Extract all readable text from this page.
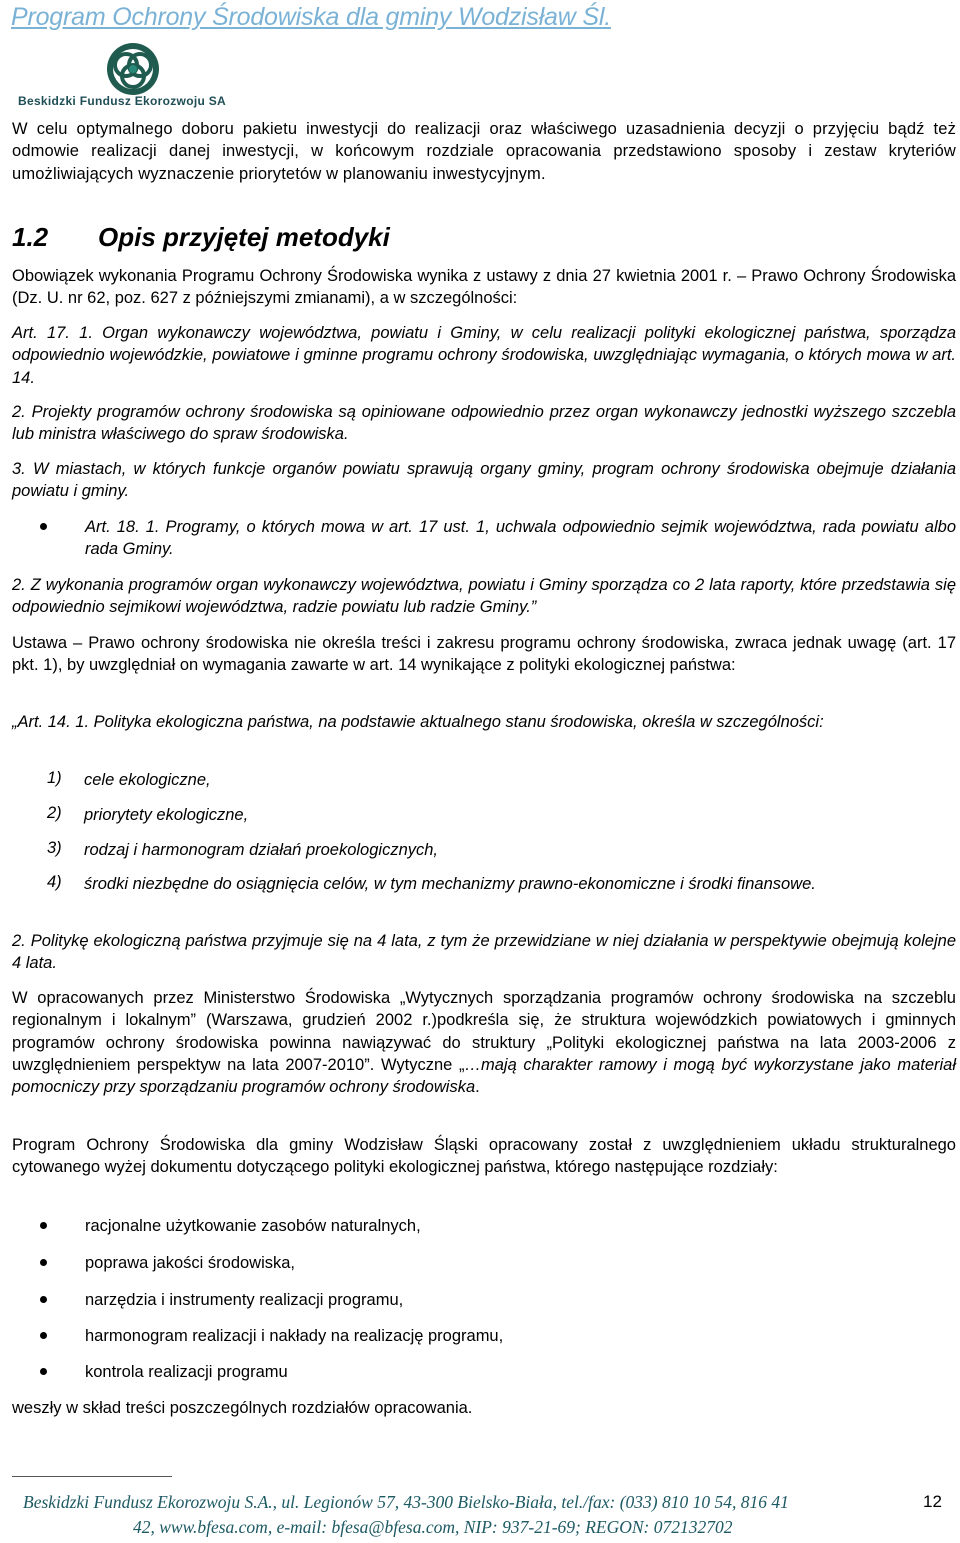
Program Ochrony Środowiska dla gminy Wodzisław Śl.
Beskidzki Fundusz Ekorozwoju SA

W celu optymalnego doboru pakietu inwestycji do realizacji oraz właściwego uzasadnienia decyzji o przyjęciu bądź też odmowie realizacji danej inwestycji, w końcowym rozdziale opracowania przedstawiono sposoby i zestaw kryteriów umożliwiających wyznaczenie priorytetów w planowaniu inwestycyjnym.

1.2 Opis przyjętej metodyki

Obowiązek wykonania Programu Ochrony Środowiska wynika z ustawy z dnia 27 kwietnia 2001 r. – Prawo Ochrony Środowiska (Dz. U. nr 62, poz. 627 z późniejszymi zmianami), a w szczególności:

Art. 17. 1. Organ wykonawczy województwa, powiatu i Gminy, w celu realizacji polityki ekologicznej państwa, sporządza odpowiednio wojewódzkie, powiatowe i gminne programu ochrony środowiska, uwzględniając wymagania, o których mowa w art. 14.

2. Projekty programów ochrony środowiska są opiniowane odpowiednio przez organ wykonawczy jednostki wyższego szczebla lub ministra właściwego do spraw środowiska.

3. W miastach, w których funkcje organów powiatu sprawują organy gminy, program ochrony środowiska obejmuje działania powiatu i gminy.

Art. 18. 1. Programy, o których mowa w art. 17 ust. 1, uchwala odpowiednio sejmik województwa, rada powiatu albo rada Gminy.

2. Z wykonania programów organ wykonawczy województwa, powiatu i Gminy sporządza co 2 lata raporty, które przedstawia się odpowiednio sejmikowi województwa, radzie powiatu lub radzie Gminy.”

Ustawa – Prawo ochrony środowiska nie określa treści i zakresu programu ochrony środowiska, zwraca jednak uwagę (art. 17 pkt. 1), by uwzględniał on wymagania zawarte w art. 14 wynikające z polityki ekologicznej państwa:

„Art. 14. 1. Polityka ekologiczna państwa, na podstawie aktualnego stanu środowiska, określa w szczególności:

1) cele ekologiczne,
2) priorytety ekologiczne,
3) rodzaj i harmonogram działań proekologicznych,
4) środki niezbędne do osiągnięcia celów, w tym mechanizmy prawno-ekonomiczne i środki finansowe.

2. Politykę ekologiczną państwa przyjmuje się na 4 lata, z tym że przewidziane w niej działania w perspektywie obejmują kolejne 4 lata.

W opracowanych przez Ministerstwo Środowiska „Wytycznych sporządzania programów ochrony środowiska na szczeblu regionalnym i lokalnym” (Warszawa, grudzień 2002 r.)podkreśla się, że struktura wojewódzkich powiatowych i gminnych programów ochrony środowiska powinna nawiązywać do struktury „Polityki ekologicznej państwa na lata 2003-2006 z uwzględnieniem perspektyw na lata 2007-2010”. Wytyczne „…mają charakter ramowy i mogą być wykorzystane jako materiał pomocniczy przy sporządzaniu programów ochrony środowiska.

Program Ochrony Środowiska dla gminy Wodzisław Śląski opracowany został z uwzględnieniem układu strukturalnego cytowanego wyżej dokumentu dotyczącego polityki ekologicznej państwa, którego następujące rozdziały:

racjonalne użytkowanie zasobów naturalnych,
poprawa jakości środowiska,
narzędzia i instrumenty realizacji programu,
harmonogram realizacji i nakłady na realizację programu,
kontrola realizacji programu

weszły w skład treści poszczególnych rozdziałów opracowania.

Beskidzki Fundusz Ekorozwoju S.A., ul. Legionów 57, 43-300 Bielsko-Biała, tel./fax: (033) 810 10 54, 816 41
42, www.bfesa.com, e-mail: bfesa@bfesa.com, NIP: 937-21-69; REGON: 072132702
12
